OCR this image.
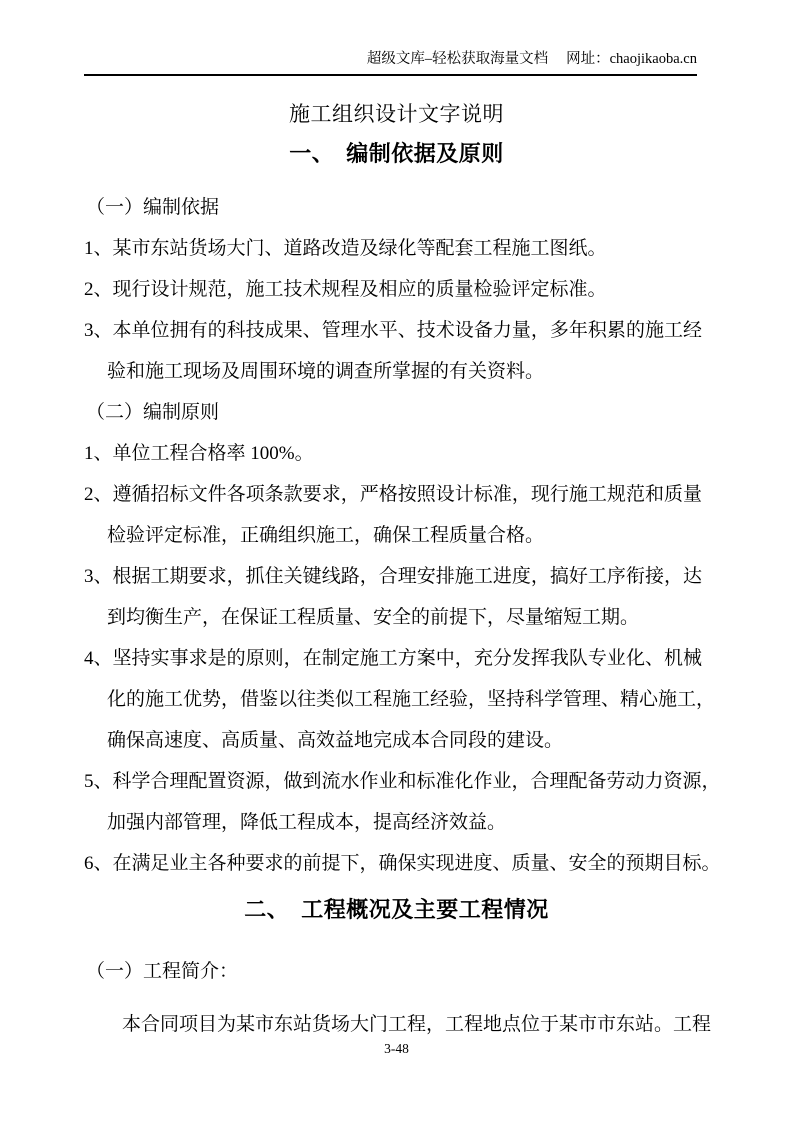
超级文库–轻松获取海量文档 网址：chaojikaoba.cn
施工组织设计文字说明
一、 编制依据及原则
（一）编制依据
1、某市东站货场大门、道路改造及绿化等配套工程施工图纸。
2、现行设计规范，施工技术规程及相应的质量检验评定标准。
3、本单位拥有的科技成果、管理水平、技术设备力量，多年积累的施工经
验和施工现场及周围环境的调查所掌握的有关资料。
（二）编制原则
1、单位工程合格率 100%。
2、遵循招标文件各项条款要求，严格按照设计标准，现行施工规范和质量
检验评定标准，正确组织施工，确保工程质量合格。
3、根据工期要求，抓住关键线路，合理安排施工进度，搞好工序衔接，达
到均衡生产，在保证工程质量、安全的前提下，尽量缩短工期。
4、坚持实事求是的原则，在制定施工方案中，充分发挥我队专业化、机械
化的施工优势，借鉴以往类似工程施工经验，坚持科学管理、精心施工，
确保高速度、高质量、高效益地完成本合同段的建设。
5、科学合理配置资源，做到流水作业和标准化作业，合理配备劳动力资源，
加强内部管理，降低工程成本，提高经济效益。
6、在满足业主各种要求的前提下，确保实现进度、质量、安全的预期目标。
二、 工程概况及主要工程情况
（一）工程简介：
本合同项目为某市东站货场大门工程，工程地点位于某市市东站。工程
3-48
